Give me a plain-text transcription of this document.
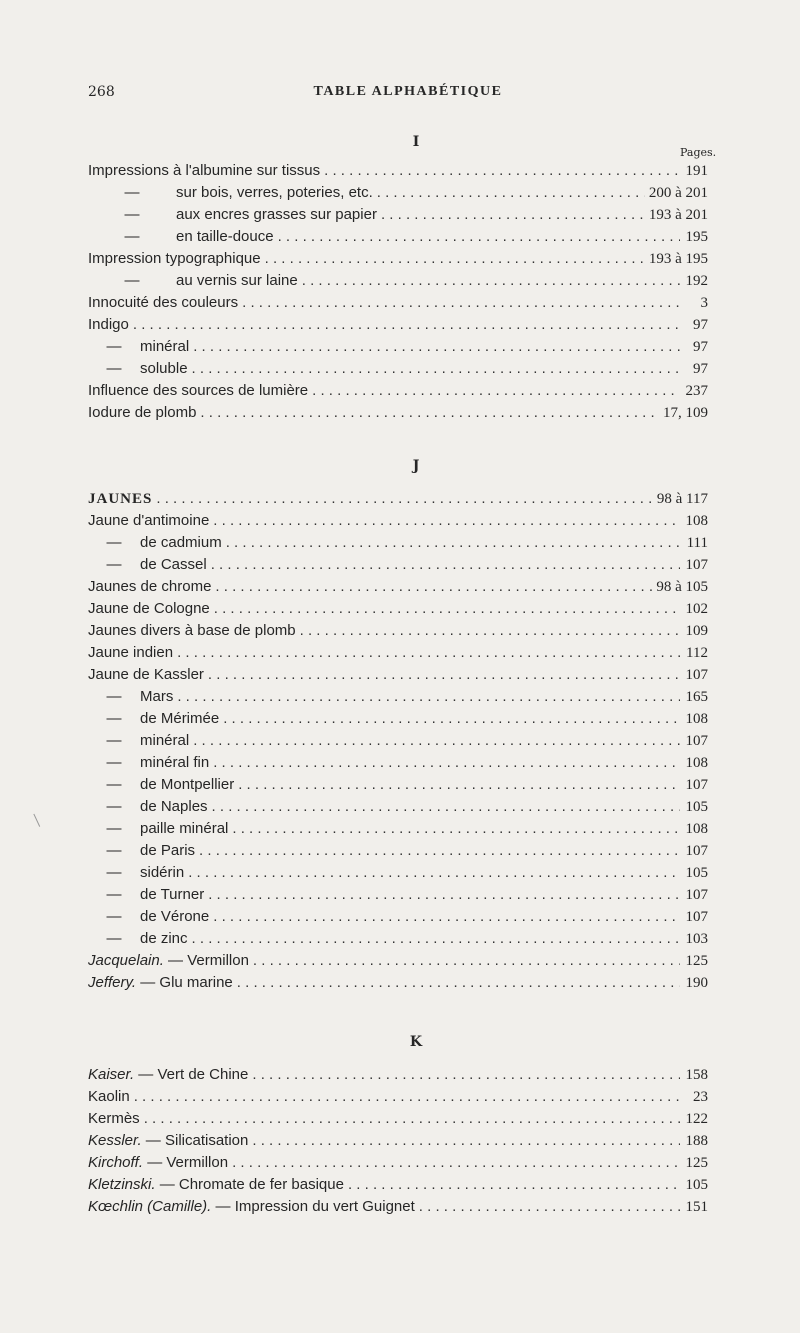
268	TABLE ALPHABÉTIQUE
I
Pages.
Impressions à l'albumine sur tissus . . .	191
— sur bois, verres, poteries, etc. . . .	200 à 201
— aux encres grasses sur papier . . .	193 à 201
— en taille-douce . . .	195
Impression typographique . . .	193 à 195
— au vernis sur laine . . .	192
Innocuité des couleurs . . .	3
Indigo . . .	97
— minéral . . .	97
— soluble . . .	97
Influence des sources de lumière . . .	237
Iodure de plomb . . .	17, 109
J
JAUNES . . .	98 à 117
Jaune d'antimoine . . .	108
— de cadmium . . .	111
— de Cassel . . .	107
Jaunes de chrome . . .	98 à 105
Jaune de Cologne . . .	102
Jaunes divers à base de plomb . . .	109
Jaune indien . . .	112
Jaune de Kassler . . .	107
— Mars . . .	165
— de Mérimée . . .	108
— minéral . . .	107
— minéral fin . . .	108
— de Montpellier . . .	107
— de Naples . . .	105
— paille minéral . . .	108
— de Paris . . .	107
— sidérin . . .	105
— de Turner . . .	107
— de Vérone . . .	107
— de zinc . . .	103
Jacquelain. — Vermillon . . .	125
Jeffery. — Glu marine . . .	190
K
Kaiser. — Vert de Chine . . .	158
Kaolin . . .	23
Kermès . . .	122
Kessler. — Silicatisation . . .	188
Kirchoff. — Vermillon . . .	125
Kletzinski. — Chromate de fer basique . . .	105
Kœchlin (Camille). — Impression du vert Guignet . . .	151
